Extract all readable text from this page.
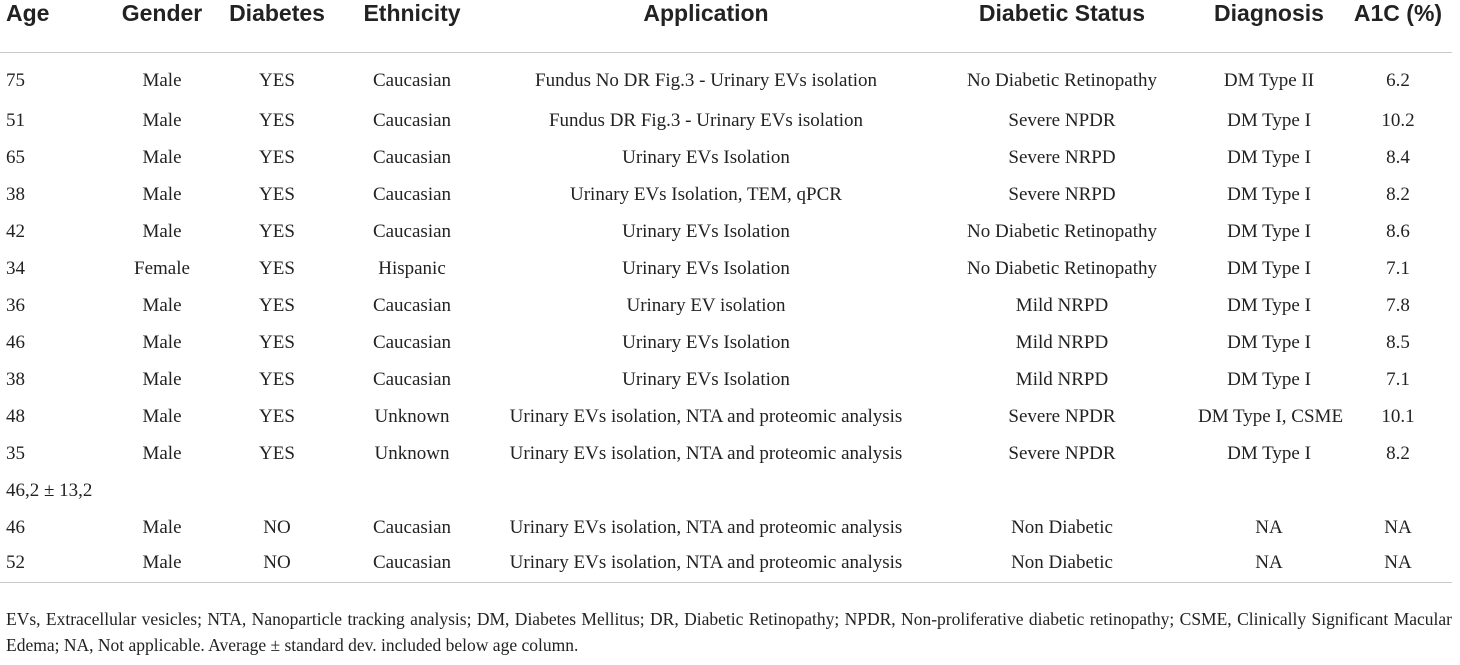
Age	Gender	Diabetes	Ethnicity	Application	Diabetic Status	Diagnosis	A1C (%)
75	Male	YES	Caucasian	Fundus No DR Fig.3 - Urinary EVs isolation	No Diabetic Retinopathy	DM Type II	6.2
51	Male	YES	Caucasian	Fundus DR Fig.3 - Urinary EVs isolation	Severe NPDR	DM Type I	10.2
65	Male	YES	Caucasian	Urinary EVs Isolation	Severe NRPD	DM Type I	8.4
38	Male	YES	Caucasian	Urinary EVs Isolation, TEM, qPCR	Severe NRPD	DM Type I	8.2
42	Male	YES	Caucasian	Urinary EVs Isolation	No Diabetic Retinopathy	DM Type I	8.6
34	Female	YES	Hispanic	Urinary EVs Isolation	No Diabetic Retinopathy	DM Type I	7.1
36	Male	YES	Caucasian	Urinary EV isolation	Mild NRPD	DM Type I	7.8
46	Male	YES	Caucasian	Urinary EVs Isolation	Mild NRPD	DM Type I	8.5
38	Male	YES	Caucasian	Urinary EVs Isolation	Mild NRPD	DM Type I	7.1
48	Male	YES	Unknown	Urinary EVs isolation, NTA and proteomic analysis	Severe NPDR	DM Type I, CSME	10.1
35	Male	YES	Unknown	Urinary EVs isolation, NTA and proteomic analysis	Severe NPDR	DM Type I	8.2
46,2 ± 13,2							
46	Male	NO	Caucasian	Urinary EVs isolation, NTA and proteomic analysis	Non Diabetic	NA	NA
52	Male	NO	Caucasian	Urinary EVs isolation, NTA and proteomic analysis	Non Diabetic	NA	NA
EVs, Extracellular vesicles; NTA, Nanoparticle tracking analysis; DM, Diabetes Mellitus; DR, Diabetic Retinopathy; NPDR, Non-proliferative diabetic retinopathy; CSME, Clinically Significant Macular Edema; NA, Not applicable. Average ± standard dev. included below age column.
